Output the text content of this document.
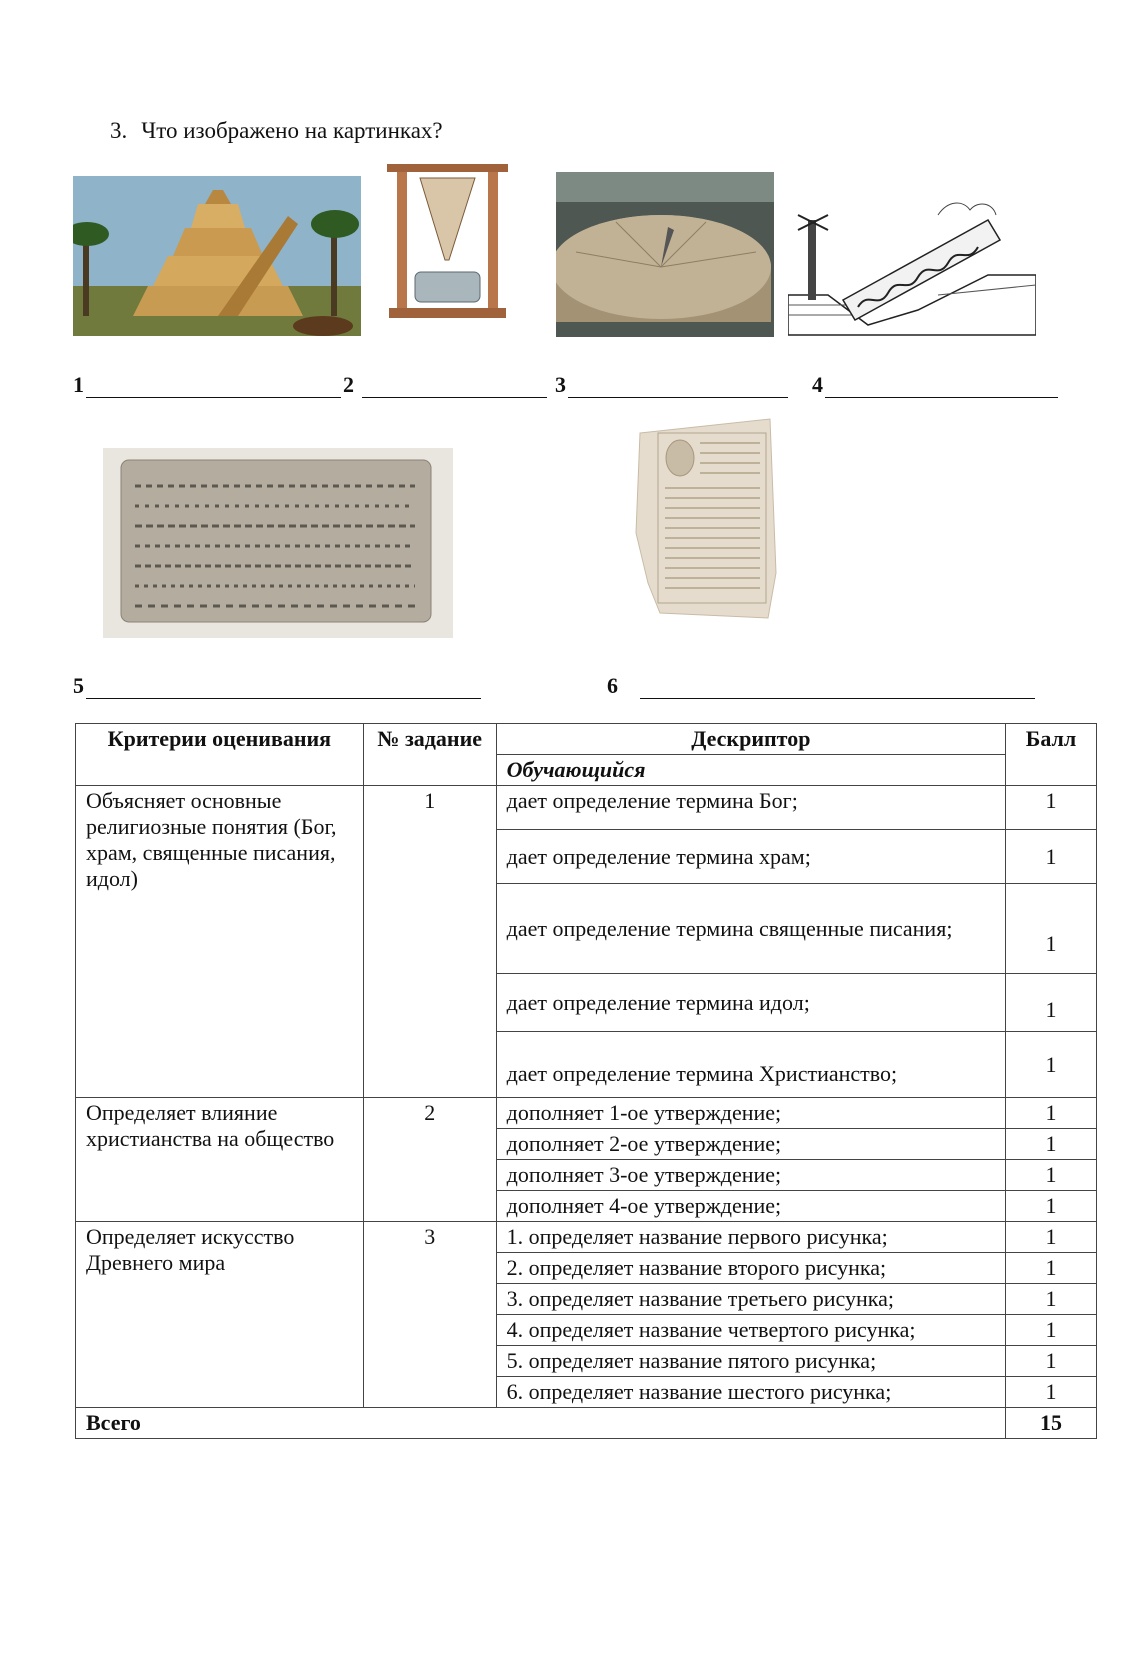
3. Что изображено на картинках?
1	2	3	4
5	6
Критерии оценивания	№ задание	Дескриптор	Балл
		Обучающийся	
Объясняет основные религиозные понятия (Бог, храм, священные писания, идол)	1	дает определение термина Бог;	1
		дает определение термина храм;	1
		дает определение термина священные писания;	1
		дает определение термина идол;	1
		дает определение термина Христианство;	1
Определяет влияние христианства на общество	2	дополняет 1-ое утверждение;	1
		дополняет 2-ое утверждение;	1
		дополняет 3-ое утверждение;	1
		дополняет 4-ое утверждение;	1
Определяет искусство Древнего мира	3	1. определяет название первого рисунка;	1
		2. определяет название второго рисунка;	1
		3. определяет название третьего рисунка;	1
		4. определяет название четвертого рисунка;	1
		5. определяет название пятого рисунка;	1
		6. определяет название шестого рисунка;	1
Всего			15
